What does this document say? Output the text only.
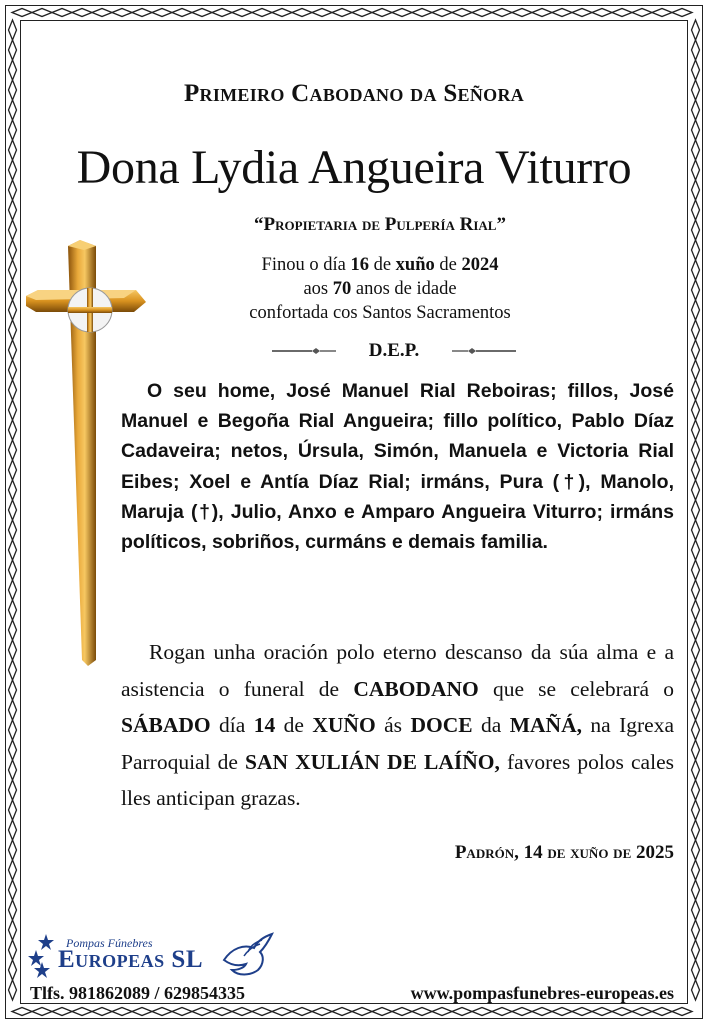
Primeiro Cabodano da Señora
Dona Lydia Angueira Viturro
“Propietaria de Pulpería Rial”
Finou o día 16 de xuño de 2024
aos 70 anos de idade
confortada cos Santos Sacramentos
D.E.P.
O seu home, José Manuel Rial Reboiras; fillos, José Manuel e Begoña Rial Angueira; fillo político, Pablo Díaz Cadaveira; netos, Úrsula, Simón, Manuela e Victoria Rial Eibes; Xoel e Antía Díaz Rial; irmáns, Pura (†), Manolo, Maruja (†), Julio, Anxo e Amparo Angueira Viturro; irmáns políticos, sobriños, curmáns e demais familia.
Rogan unha oración polo eterno descanso da súa alma e a asistencia o funeral de CABODANO que se celebrará o SÁBADO día 14 de XUÑO ás DOCE da MAÑÁ, na Igrexa Parroquial de SAN XULIÁN DE LAÍÑO, favores polos cales lles anticipan grazas.
Padrón, 14 de xuño de 2025
Pompas Fúnebres
Europeas SL
Tlfs. 981862089 / 629854335	www.pompasfunebres-europeas.es
